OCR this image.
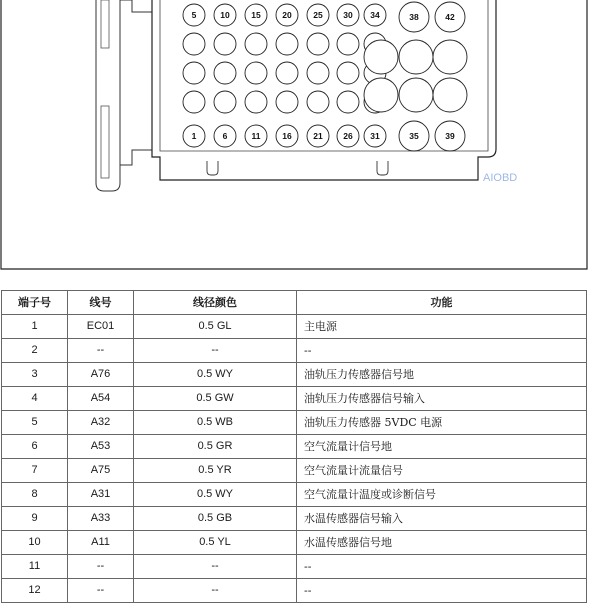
5	10	15	20	25 30 34	38	42
1	6	11	16	21 26 31	35	39
AIOBD
端子号	线号	线径颜色	功能
1	EC01	0.5 GL	主电源
2	--	--	--
3	A76	0.5 WY	油轨压力传感器信号地
4	A54	0.5 GW	油轨压力传感器信号输入
5	A32	0.5 WB	油轨压力传感器 5VDC 电源
6	A53	0.5 GR	空气流量计信号地
7	A75	0.5 YR	空气流量计流量信号
8	A31	0.5 WY	空气流量计温度或诊断信号
9	A33	0.5 GB	水温传感器信号输入
10	A11	0.5 YL	水温传感器信号地
11	--	--	--
12	--	--	--
